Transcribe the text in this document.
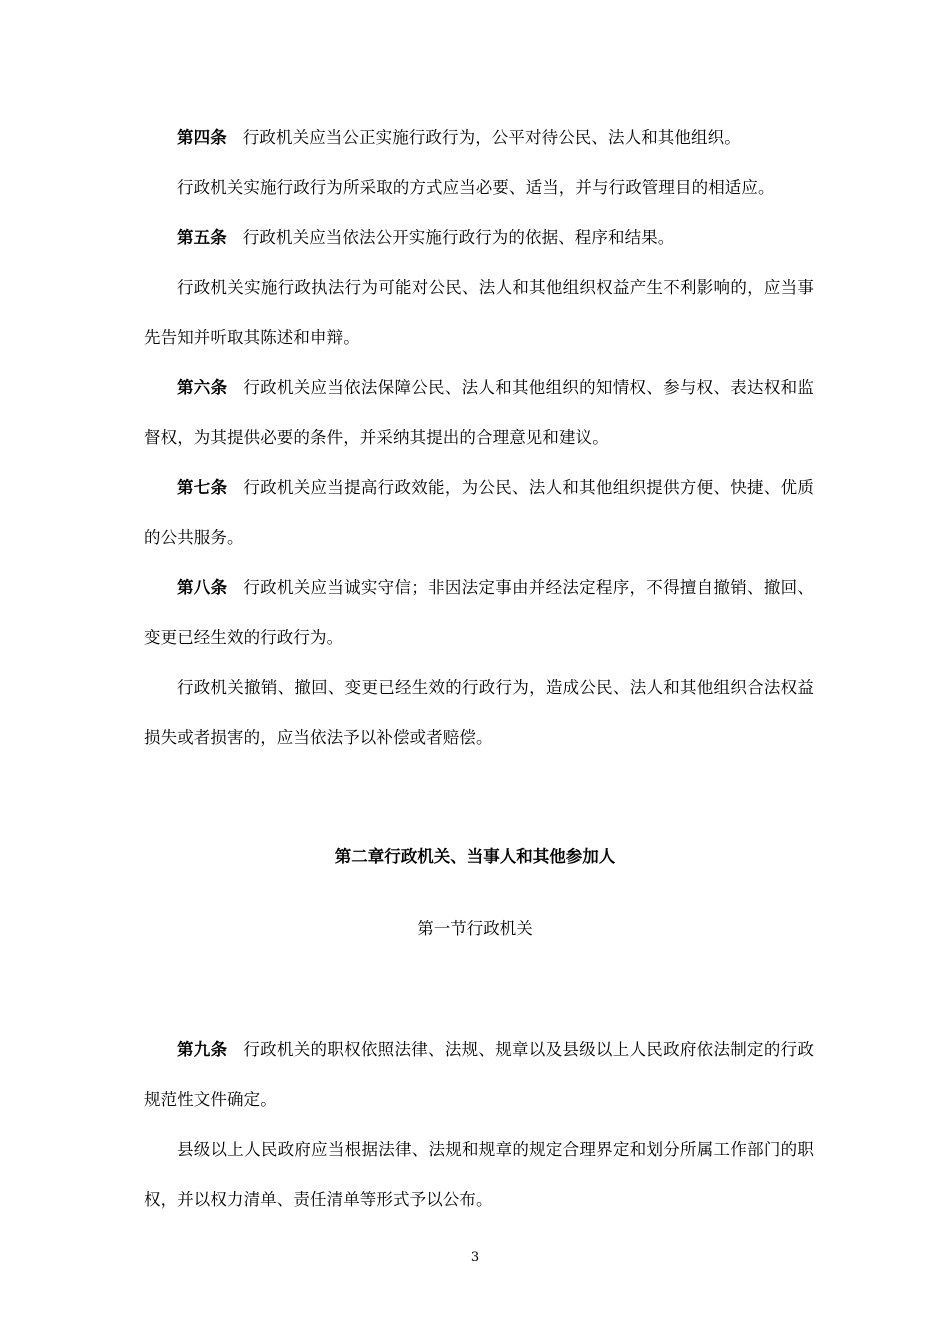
第四条 行政机关应当公正实施行政行为，公平对待公民、法人和其他组织。

行政机关实施行政行为所采取的方式应当必要、适当，并与行政管理目的相适应。

第五条 行政机关应当依法公开实施行政行为的依据、程序和结果。

行政机关实施行政执法行为可能对公民、法人和其他组织权益产生不利影响的，应当事先告知并听取其陈述和申辩。

第六条 行政机关应当依法保障公民、法人和其他组织的知情权、参与权、表达权和监督权，为其提供必要的条件，并采纳其提出的合理意见和建议。

第七条 行政机关应当提高行政效能，为公民、法人和其他组织提供方便、快捷、优质的公共服务。

第八条 行政机关应当诚实守信；非因法定事由并经法定程序，不得擅自撤销、撤回、变更已经生效的行政行为。

行政机关撤销、撤回、变更已经生效的行政行为，造成公民、法人和其他组织合法权益损失或者损害的，应当依法予以补偿或者赔偿。

第二章行政机关、当事人和其他参加人

第一节行政机关

第九条 行政机关的职权依照法律、法规、规章以及县级以上人民政府依法制定的行政规范性文件确定。

县级以上人民政府应当根据法律、法规和规章的规定合理界定和划分所属工作部门的职权，并以权力清单、责任清单等形式予以公布。

3
